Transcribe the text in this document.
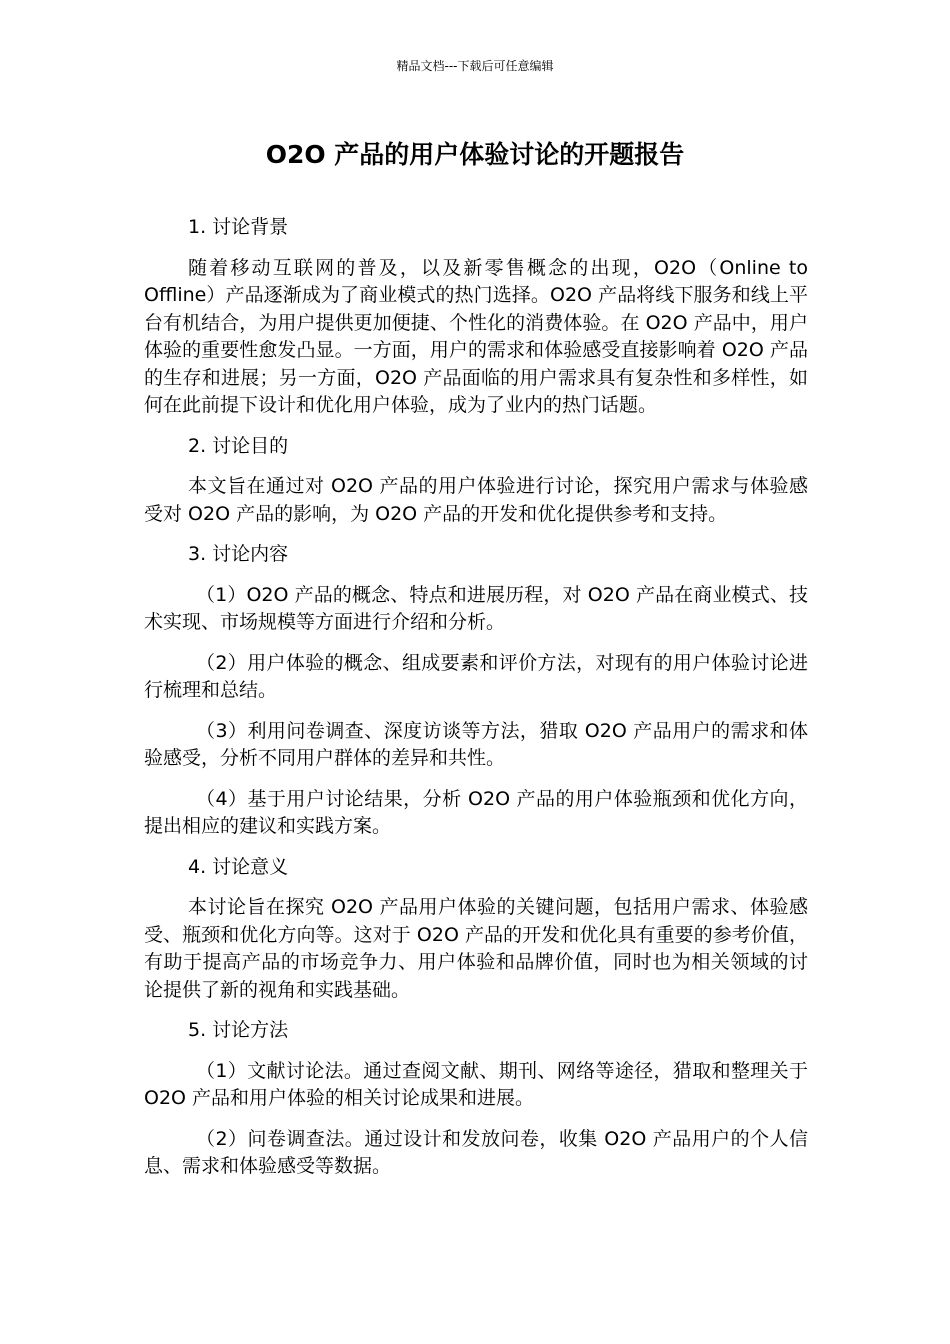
精品文档---下载后可任意编辑
O2O 产品的用户体验讨论的开题报告

1. 讨论背景

随着移动互联网的普及，以及新零售概念的出现，O2O（Online to Offline）产品逐渐成为了商业模式的热门选择。O2O 产品将线下服务和线上平台有机结合，为用户提供更加便捷、个性化的消费体验。在 O2O 产品中，用户体验的重要性愈发凸显。一方面，用户的需求和体验感受直接影响着 O2O 产品的生存和进展；另一方面，O2O 产品面临的用户需求具有复杂性和多样性，如何在此前提下设计和优化用户体验，成为了业内的热门话题。

2. 讨论目的

本文旨在通过对 O2O 产品的用户体验进行讨论，探究用户需求与体验感受对 O2O 产品的影响，为 O2O 产品的开发和优化提供参考和支持。

3. 讨论内容

（1）O2O 产品的概念、特点和进展历程，对 O2O 产品在商业模式、技术实现、市场规模等方面进行介绍和分析。

（2）用户体验的概念、组成要素和评价方法，对现有的用户体验讨论进行梳理和总结。

（3）利用问卷调查、深度访谈等方法，猎取 O2O 产品用户的需求和体验感受，分析不同用户群体的差异和共性。

（4）基于用户讨论结果，分析 O2O 产品的用户体验瓶颈和优化方向，提出相应的建议和实践方案。

4. 讨论意义

本讨论旨在探究 O2O 产品用户体验的关键问题，包括用户需求、体验感受、瓶颈和优化方向等。这对于 O2O 产品的开发和优化具有重要的参考价值，有助于提高产品的市场竞争力、用户体验和品牌价值，同时也为相关领域的讨论提供了新的视角和实践基础。

5. 讨论方法

（1）文献讨论法。通过查阅文献、期刊、网络等途径，猎取和整理关于 O2O 产品和用户体验的相关讨论成果和进展。

（2）问卷调查法。通过设计和发放问卷，收集 O2O 产品用户的个人信息、需求和体验感受等数据。
